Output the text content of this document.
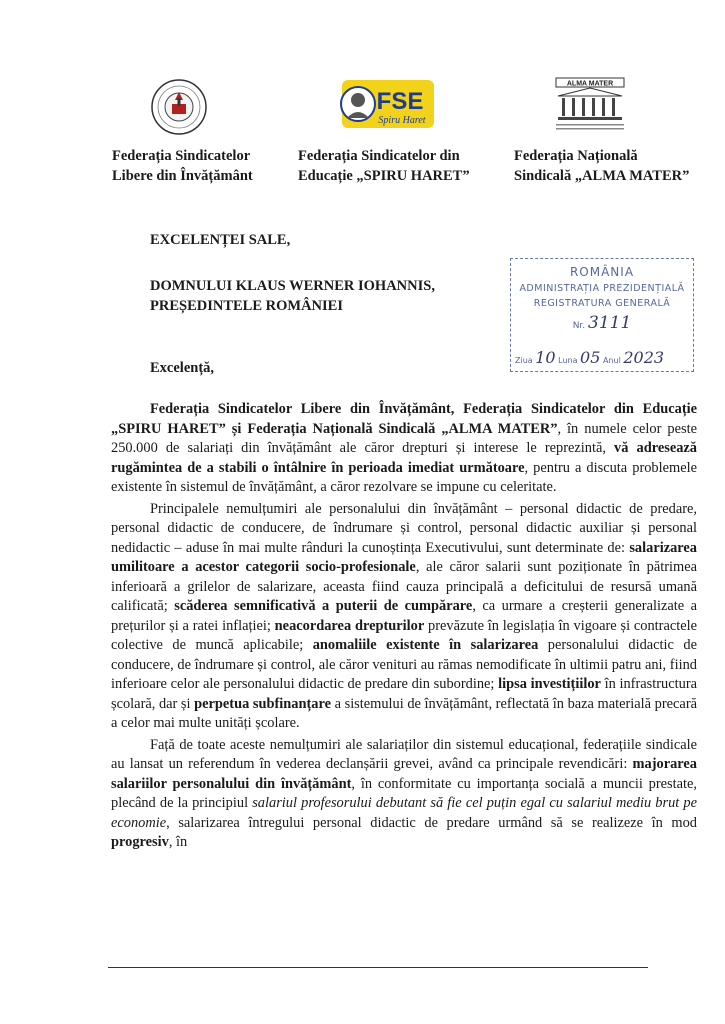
FSE
Spiru Haret
ALMA MATER
Federația Sindicatelor
Libere din Învățământ
Federația Sindicatelor din
Educație „SPIRU HARET”
Federația Națională
Sindicală „ALMA MATER”
EXCELENȚEI SALE,
DOMNULUI KLAUS WERNER IOHANNIS,
PREȘEDINTELE ROMÂNIEI
ROMÂNIA
ADMINISTRAȚIA PREZIDENȚIALĂ
REGISTRATURA GENERALĂ
Nr. 3111
Ziua 10 Luna 05 Anul 2023
Excelență,

Federația Sindicatelor Libere din Învățământ, Federația Sindicatelor din Educație „SPIRU HARET” și Federația Națională Sindicală „ALMA MATER”, în numele celor peste 250.000 de salariați din învățământ ale căror drepturi și interese le reprezintă, vă adresează rugămintea de a stabili o întâlnire în perioada imediat următoare, pentru a discuta problemele existente în sistemul de învățământ, a căror rezolvare se impune cu celeritate.

Principalele nemulțumiri ale personalului din învățământ – personal didactic de predare, personal didactic de conducere, de îndrumare și control, personal didactic auxiliar și personal nedidactic – aduse în mai multe rânduri la cunoștința Executivului, sunt determinate de: salarizarea umilitoare a acestor categorii socio-profesionale, ale căror salarii sunt poziționate în pătrimea inferioară a grilelor de salarizare, aceasta fiind cauza principală a deficitului de resursă umană calificată; scăderea semnificativă a puterii de cumpărare, ca urmare a creșterii generalizate a prețurilor și a ratei inflației; neacordarea drepturilor prevăzute în legislația în vigoare și contractele colective de muncă aplicabile; anomaliile existente în salarizarea personalului didactic de conducere, de îndrumare și control, ale căror venituri au rămas nemodificate în ultimii patru ani, fiind inferioare celor ale personalului didactic de predare din subordine; lipsa investițiilor în infrastructura școlară, dar și perpetua subfinanțare a sistemului de învățământ, reflectată în baza materială precară a celor mai multe unități școlare.

Față de toate aceste nemulțumiri ale salariaților din sistemul educațional, federațiile sindicale au lansat un referendum în vederea declanșării grevei, având ca principale revendicări: majorarea salariilor personalului din învățământ, în conformitate cu importanța socială a muncii prestate, plecând de la principiul salariul profesorului debutant să fie cel puțin egal cu salariul mediu brut pe economie, salarizarea întregului personal didactic de predare urmând să se realizeze în mod progresiv, în
